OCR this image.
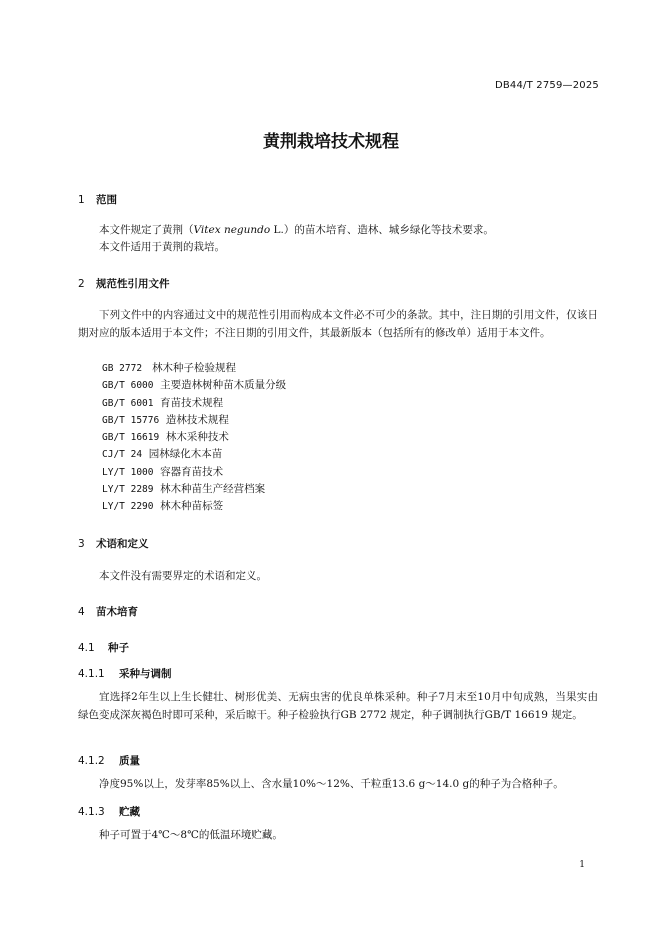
DB44/T 2759—2025
黄荆栽培技术规程
1 范围
本文件规定了黄荆（Vitex negundo L.）的苗木培育、造林、城乡绿化等技术要求。
本文件适用于黄荆的栽培。
2 规范性引用文件
下列文件中的内容通过文中的规范性引用而构成本文件必不可少的条款。其中，注日期的引用文件，仅该日期对应的版本适用于本文件；不注日期的引用文件，其最新版本（包括所有的修改单）适用于本文件。
GB 2772 林木种子检验规程
GB/T 6000 主要造林树种苗木质量分级
GB/T 6001 育苗技术规程
GB/T 15776 造林技术规程
GB/T 16619 林木采种技术
CJ/T 24 园林绿化木本苗
LY/T 1000 容器育苗技术
LY/T 2289 林木种苗生产经营档案
LY/T 2290 林木种苗标签
3 术语和定义
本文件没有需要界定的术语和定义。
4 苗木培育
4.1 种子
4.1.1 采种与调制
宜选择2年生以上生长健壮、树形优美、无病虫害的优良单株采种。种子7月末至10月中旬成熟，当果实由绿色变成深灰褐色时即可采种，采后晾干。种子检验执行GB 2772 规定，种子调制执行GB/T 16619 规定。
4.1.2 质量
净度95%以上，发芽率85%以上、含水量10%～12%、千粒重13.6 g～14.0 g的种子为合格种子。
4.1.3 贮藏
种子可置于4℃～8℃的低温环境贮藏。
1
